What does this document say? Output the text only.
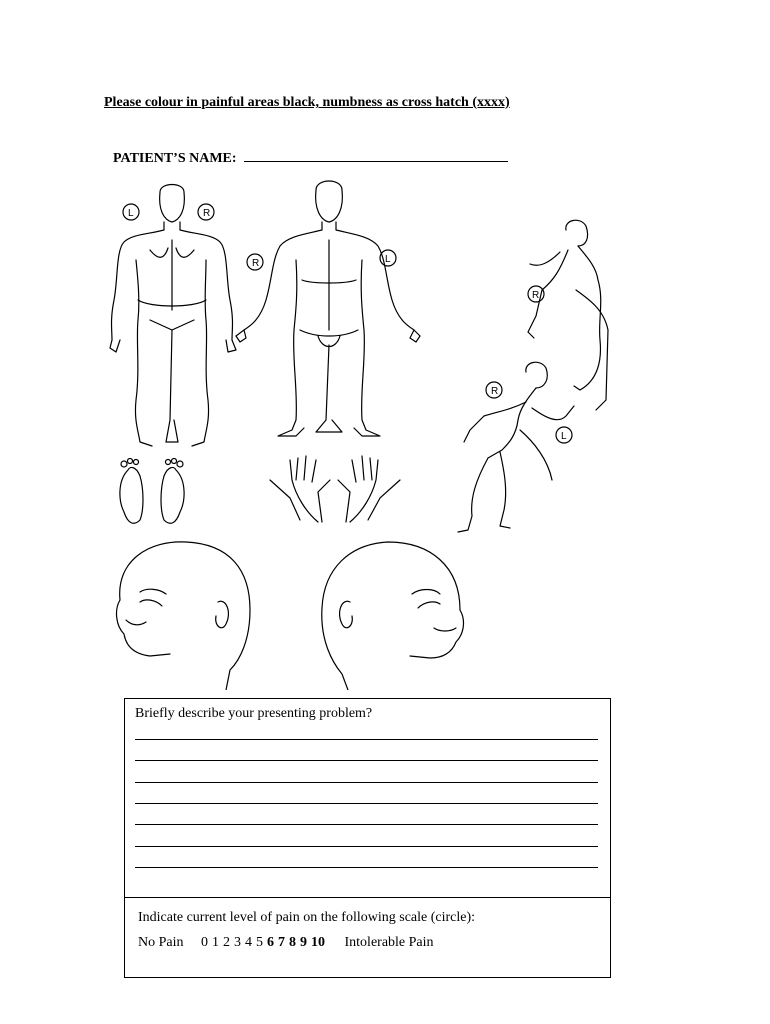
Please colour in painful areas black, numbness as cross hatch (xxxx)
PATIENT’S NAME:
L	R
R	L
R
R
L
Briefly describe your presenting problem?
Indicate current level of pain on the following scale (circle):
No Pain 0 1 2 3 4 5 6 7 8 9 10 Intolerable Pain
